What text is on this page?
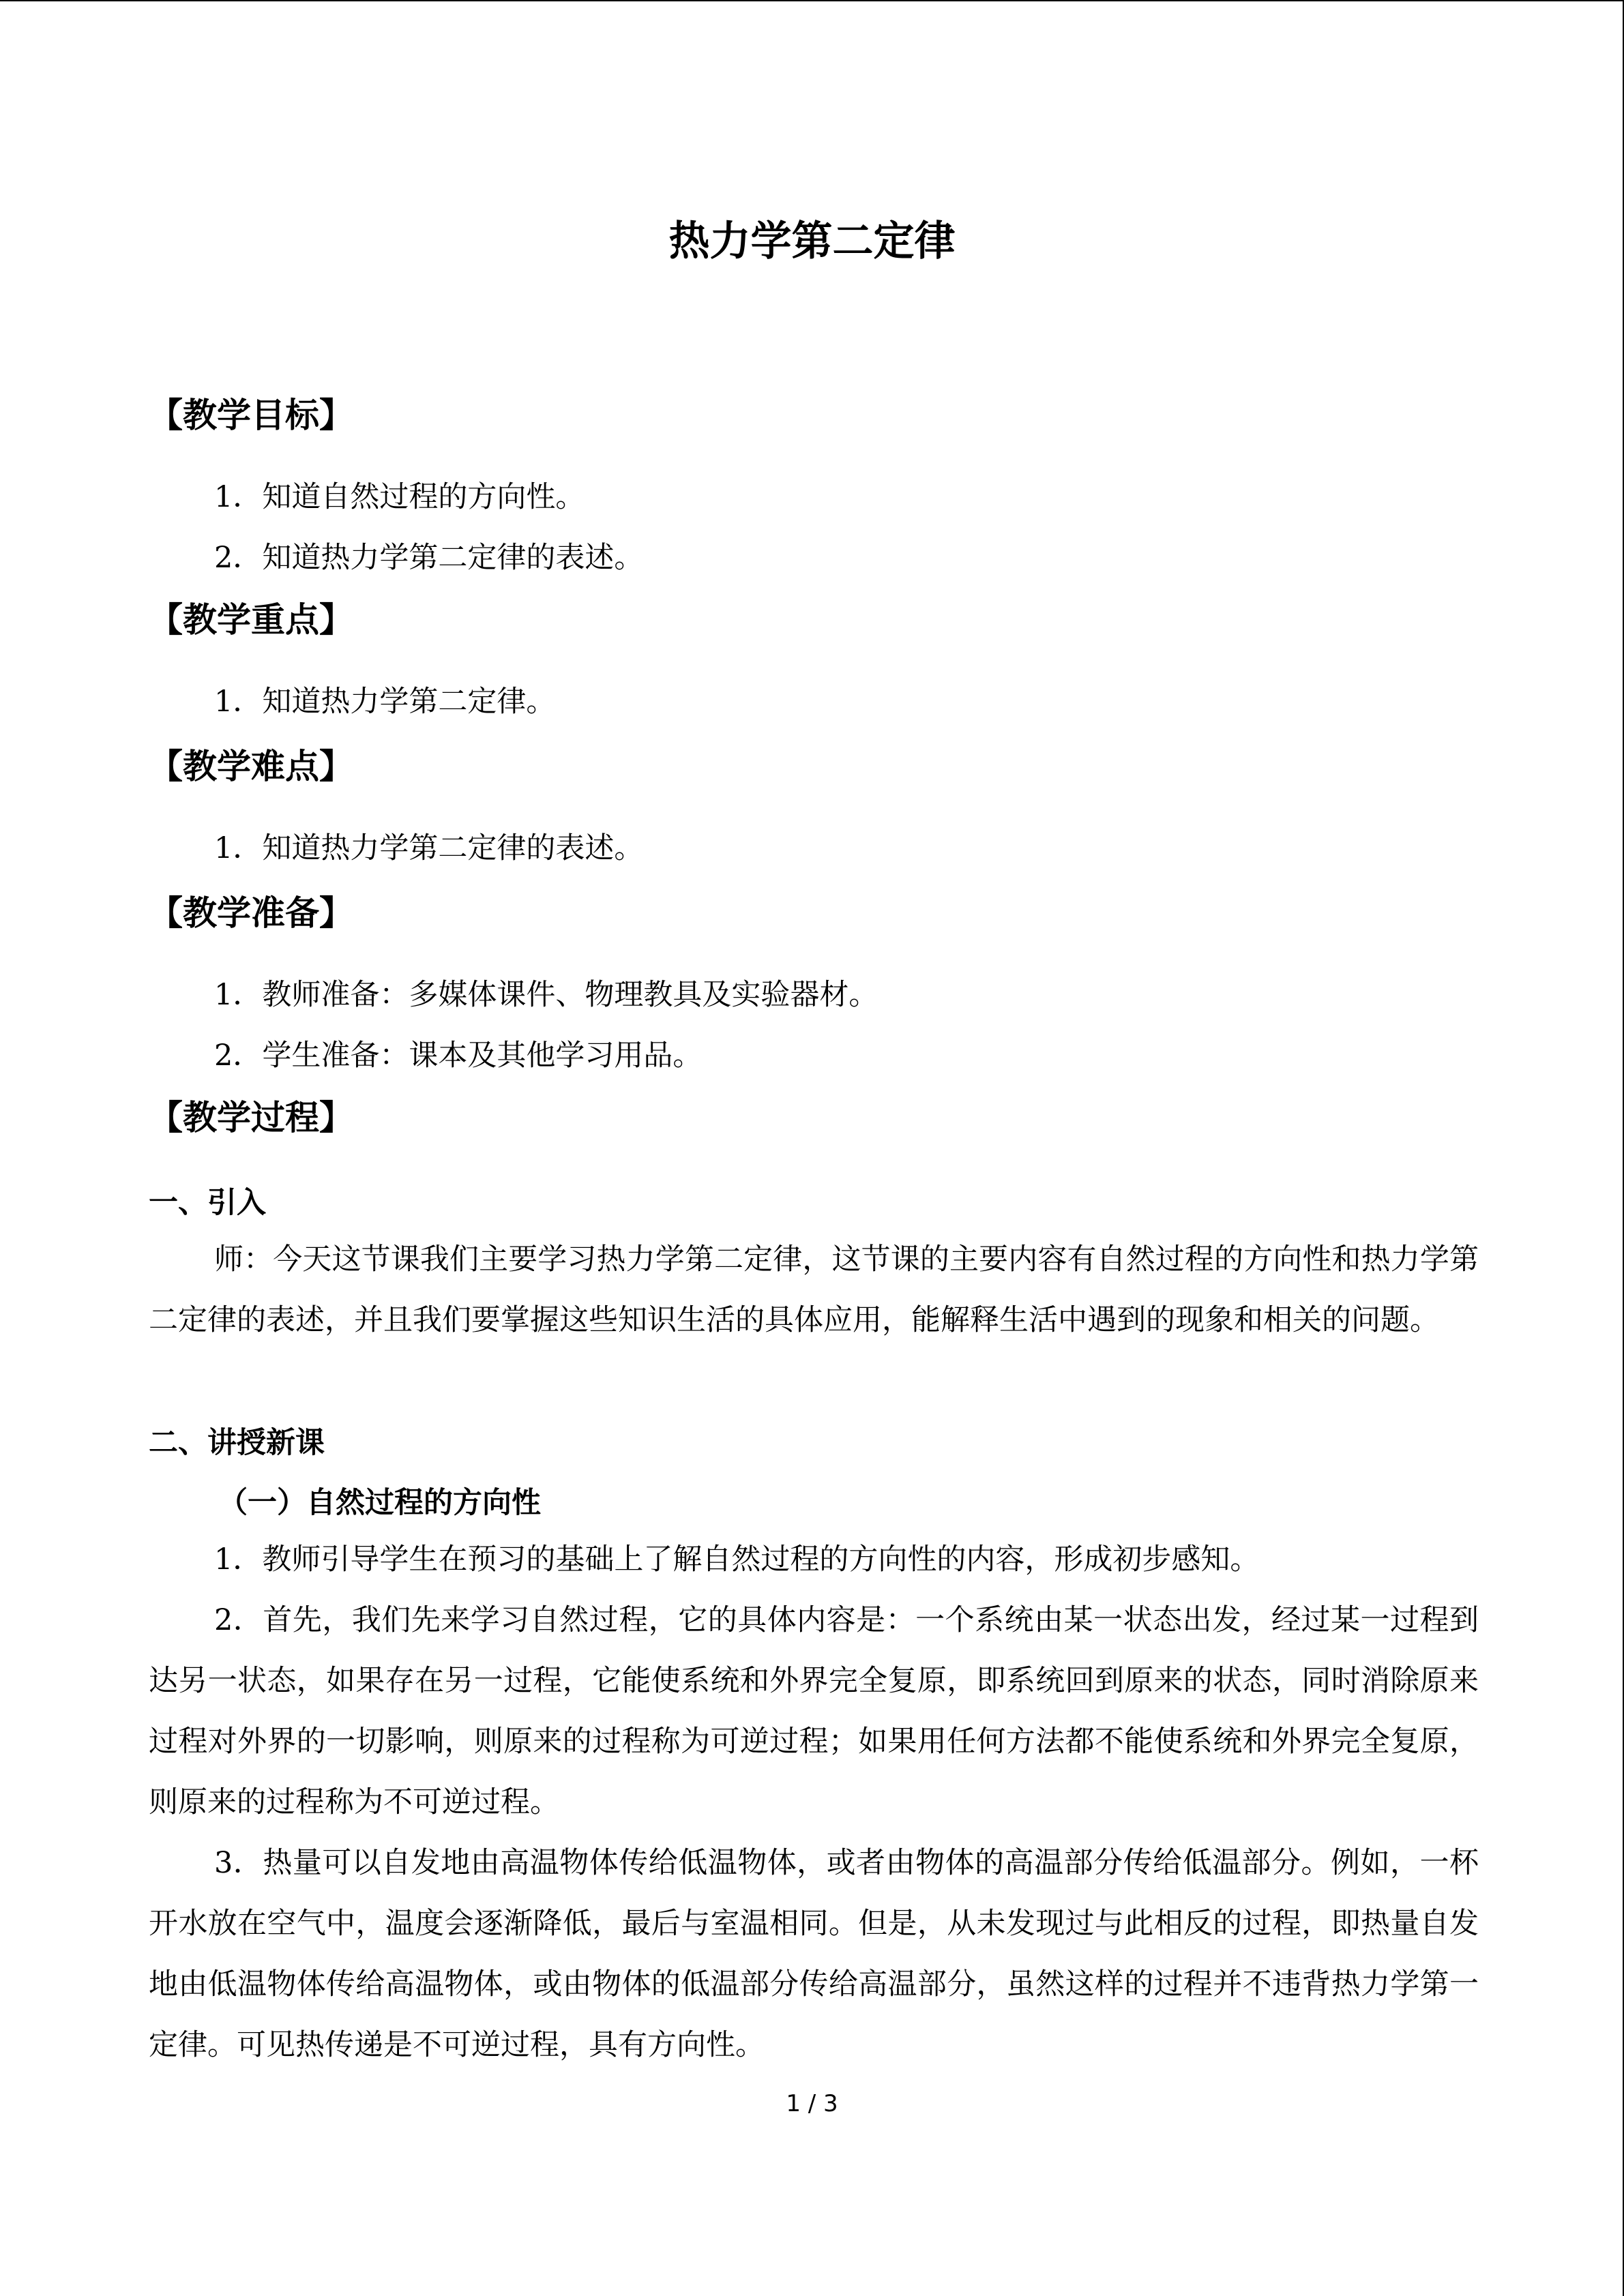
热力学第二定律
【教学目标】
1．知道自然过程的方向性。
2．知道热力学第二定律的表述。
【教学重点】
1．知道热力学第二定律。
【教学难点】
1．知道热力学第二定律的表述。
【教学准备】
1．教师准备：多媒体课件、物理教具及实验器材。
2．学生准备：课本及其他学习用品。
【教学过程】
一、引入
师：今天这节课我们主要学习热力学第二定律，这节课的主要内容有自然过程的方向性和热力学第二定律的表述，并且我们要掌握这些知识生活的具体应用，能解释生活中遇到的现象和相关的问题。
二、讲授新课
（一）自然过程的方向性
1．教师引导学生在预习的基础上了解自然过程的方向性的内容，形成初步感知。
2．首先，我们先来学习自然过程，它的具体内容是：一个系统由某一状态出发，经过某一过程到达另一状态，如果存在另一过程，它能使系统和外界完全复原，即系统回到原来的状态，同时消除原来过程对外界的一切影响，则原来的过程称为可逆过程；如果用任何方法都不能使系统和外界完全复原，则原来的过程称为不可逆过程。
3．热量可以自发地由高温物体传给低温物体，或者由物体的高温部分传给低温部分。例如，一杯开水放在空气中，温度会逐渐降低，最后与室温相同。但是，从未发现过与此相反的过程，即热量自发地由低温物体传给高温物体，或由物体的低温部分传给高温部分，虽然这样的过程并不违背热力学第一定律。可见热传递是不可逆过程，具有方向性。
1 / 3
